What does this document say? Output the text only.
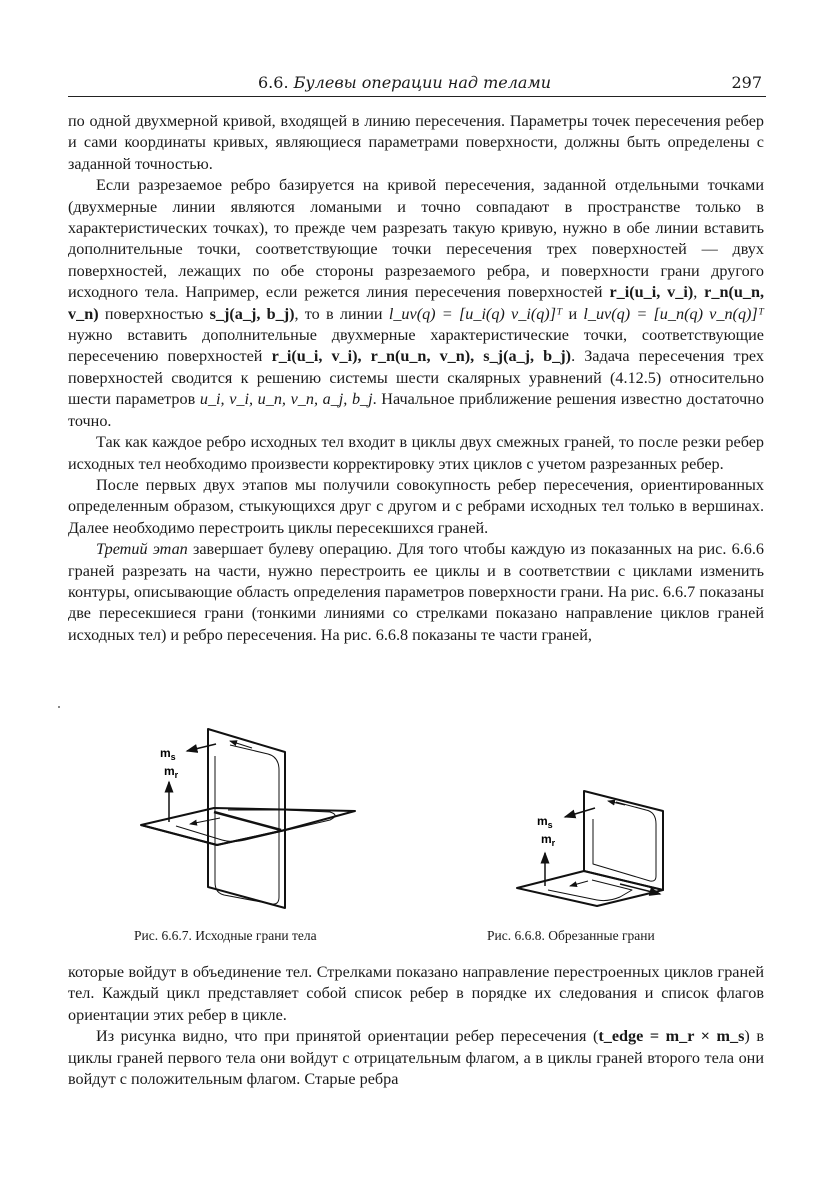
6.6. Булевы операции над телами	297

по одной двухмерной кривой, входящей в линию пересечения. Параметры точек пересечения ребер и сами координаты кривых, являющиеся параметрами поверхности, должны быть определены с заданной точностью.

Если разрезаемое ребро базируется на кривой пересечения, заданной отдельными точками (двухмерные линии являются ломаными и точно совпадают в пространстве только в характеристических точках), то прежде чем разрезать такую кривую, нужно в обе линии вставить дополнительные точки, соответствующие точки пересечения трех поверхностей — двух поверхностей, лежащих по обе стороны разрезаемого ребра, и поверхности грани другого исходного тела. Например, если режется линия пересечения поверхностей r_i(u_i, v_i), r_n(u_n, v_n) поверхностью s_j(a_j, b_j), то в линии l_uv(q) = [u_i(q) v_i(q)]ᵀ и l_uv(q) = [u_n(q) v_n(q)]ᵀ нужно вставить дополнительные двухмерные характеристические точки, соответствующие пересечению поверхностей r_i(u_i, v_i), r_n(u_n, v_n), s_j(a_j, b_j). Задача пересечения трех поверхностей сводится к решению системы шести скалярных уравнений (4.12.5) относительно шести параметров u_i, v_i, u_n, v_n, a_j, b_j. Начальное приближение решения известно достаточно точно.

Так как каждое ребро исходных тел входит в циклы двух смежных граней, то после резки ребер исходных тел необходимо произвести корректировку этих циклов с учетом разрезанных ребер.

После первых двух этапов мы получили совокупность ребер пересечения, ориентированных определенным образом, стыкующихся друг с другом и с ребрами исходных тел только в вершинах. Далее необходимо перестроить циклы пересекшихся граней.

Третий этап завершает булеву операцию. Для того чтобы каждую из показанных на рис. 6.6.6 граней разрезать на части, нужно перестроить ее циклы и в соответствии с циклами изменить контуры, описывающие область определения параметров поверхности грани. На рис. 6.6.7 показаны две пересекшиеся грани (тонкими линиями со стрелками показано направление циклов граней исходных тел) и ребро пересечения. На рис. 6.6.8 показаны те части граней,

$m_s$
$m_r$
Рис. 6.6.7. Исходные грани тела
$m_s$
$m_r$
Рис. 6.6.8. Обрезанные грани

которые войдут в объединение тел. Стрелками показано направление перестроенных циклов граней тел. Каждый цикл представляет собой список ребер в порядке их следования и список флагов ориентации этих ребер в цикле.

Из рисунка видно, что при принятой ориентации ребер пересечения (t_edge = m_r × m_s) в циклы граней первого тела они войдут с отрицательным флагом, а в циклы граней второго тела они войдут с положительным флагом. Старые ребра
